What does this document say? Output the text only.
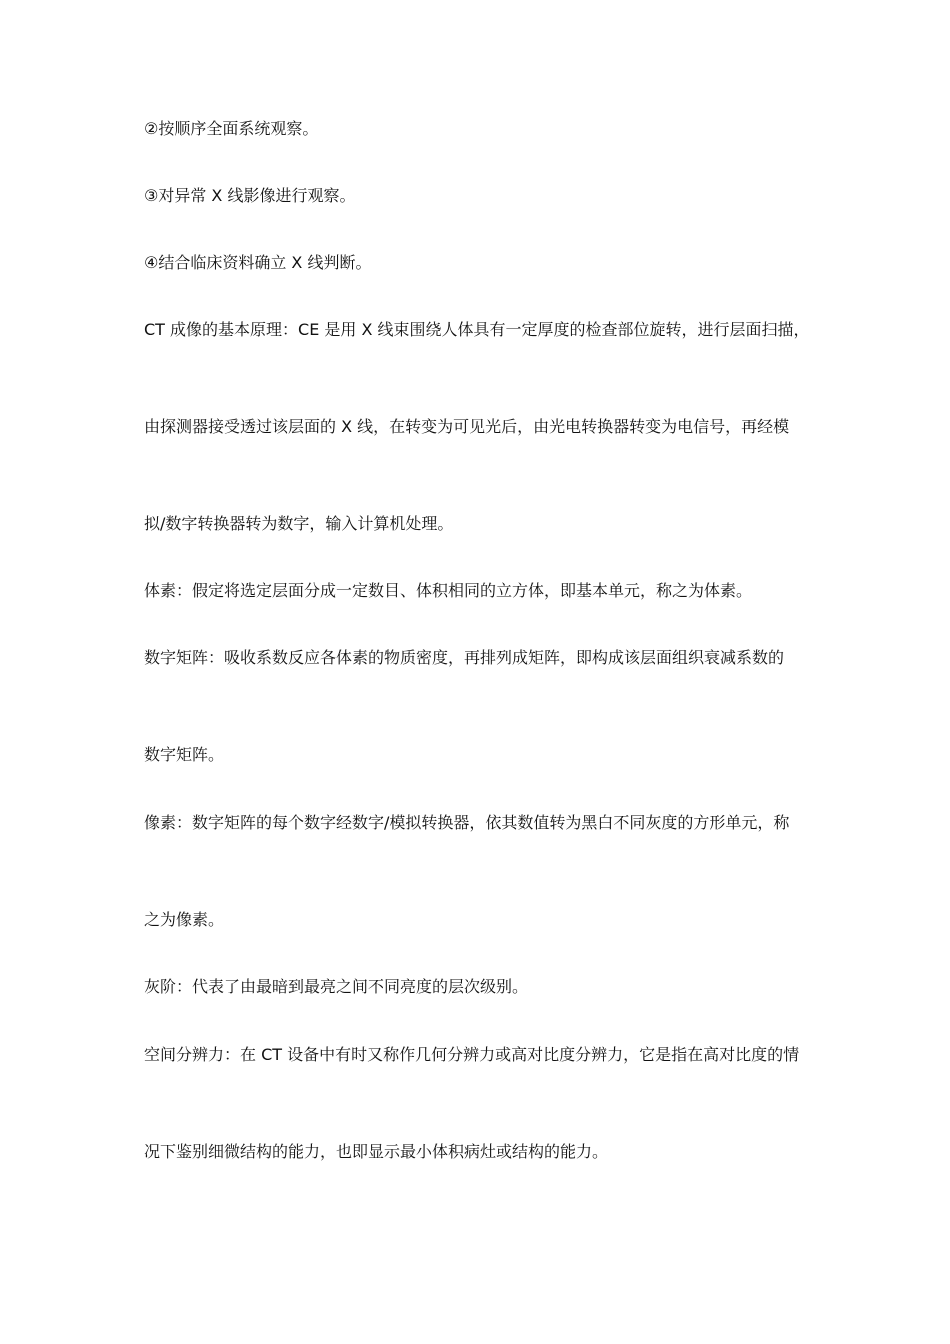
②按顺序全面系统观察。

③对异常 X 线影像进行观察。

④结合临床资料确立 X 线判断。

CT 成像的基本原理：CE 是用 X 线束围绕人体具有一定厚度的检查部位旋转，进行层面扫描，

由探测器接受透过该层面的 X 线，在转变为可见光后，由光电转换器转变为电信号，再经模

拟/数字转换器转为数字，输入计算机处理。

体素：假定将选定层面分成一定数目、体积相同的立方体，即基本单元，称之为体素。

数字矩阵：吸收系数反应各体素的物质密度，再排列成矩阵，即构成该层面组织衰减系数的

数字矩阵。

像素：数字矩阵的每个数字经数字/模拟转换器，依其数值转为黑白不同灰度的方形单元，称

之为像素。

灰阶：代表了由最暗到最亮之间不同亮度的层次级别。

空间分辨力：在 CT 设备中有时又称作几何分辨力或高对比度分辨力，它是指在高对比度的情

况下鉴别细微结构的能力，也即显示最小体积病灶或结构的能力。
